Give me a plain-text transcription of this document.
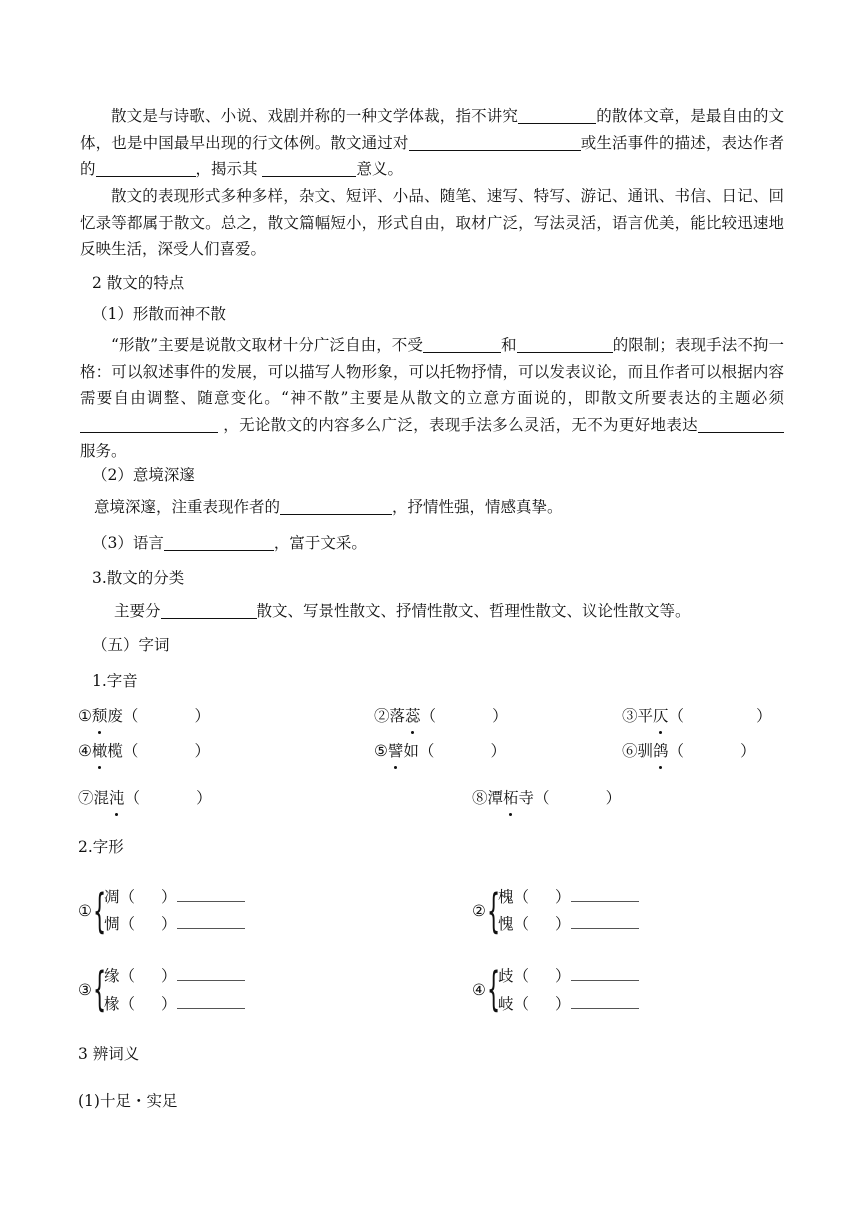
散文是与诗歌、小说、戏剧并称的一种文学体裁，指不讲究	的散体文章，是最自由的文体，也是中国最早出现的行文体例。散文通过对	或生活事件的描述，表达作者的	，揭示其	意义。
散文的表现形式多种多样，杂文、短评、小品、随笔、速写、特写、游记、通讯、书信、日记、回忆录等都属于散文。总之，散文篇幅短小，形式自由，取材广泛，写法灵活，语言优美，能比较迅速地反映生活，深受人们喜爱。
2 散文的特点
（1）形散而神不散
“形散”主要是说散文取材十分广泛自由，不受	和	的限制；表现手法不拘一格：可以叙述事件的发展，可以描写人物形象，可以托物抒情，可以发表议论，而且作者可以根据内容需要自由调整、随意变化。“神不散”主要是从散文的立意方面说的，即散文所要表达的主题必须 ，无论散文的内容多么广泛，表现手法多么灵活，无不为更好地表达服务。
（2）意境深邃
意境深邃，注重表现作者的	，抒情性强，情感真挚。
（3）语言	，富于文采。
3.散文的分类
主要分	散文、写景性散文、抒情性散文、哲理性散文、议论性散文等。
（五）字词
1.字音
①颓废（	）	②落蕊（	）	③平仄（	）
④橄榄（	）	⑤譬如（	）	⑥驯鸽（	）
⑦混沌（	）	⑧潭柘寺（	）
2.字形
① {
凋（ ）
惆（ ）
② {
槐（ ）
愧（ ）
③ {
缘（ ）
椽（ ）
④ {
歧（ ）
岐（ ）
3 辨词义
(1)十足・实足
